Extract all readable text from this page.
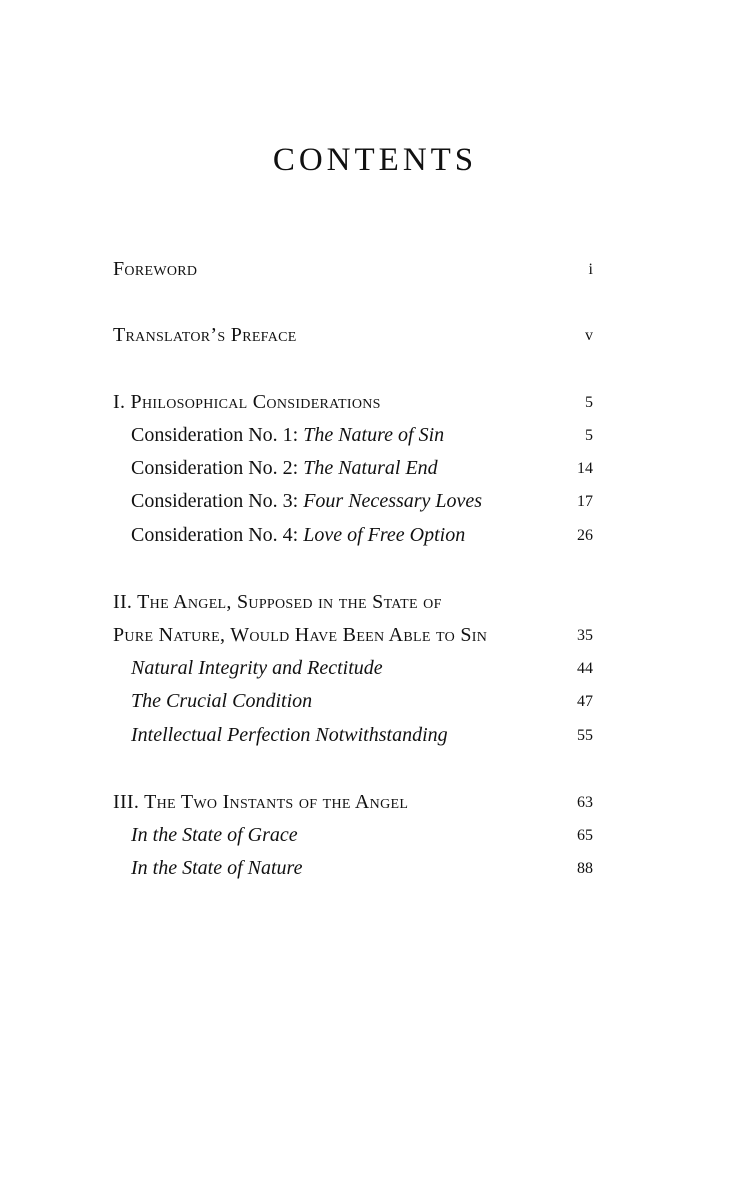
CONTENTS
Foreword	i
Translator’s Preface	v
I. Philosophical Considerations	5
Consideration No. 1: The Nature of Sin	5
Consideration No. 2: The Natural End	14
Consideration No. 3: Four Necessary Loves	17
Consideration No. 4: Love of Free Option	26
II. The Angel, Supposed in the State of
Pure Nature, Would Have Been Able to Sin	35
Natural Integrity and Rectitude	44
The Crucial Condition	47
Intellectual Perfection Notwithstanding	55
III. The Two Instants of the Angel	63
In the State of Grace	65
In the State of Nature	88
